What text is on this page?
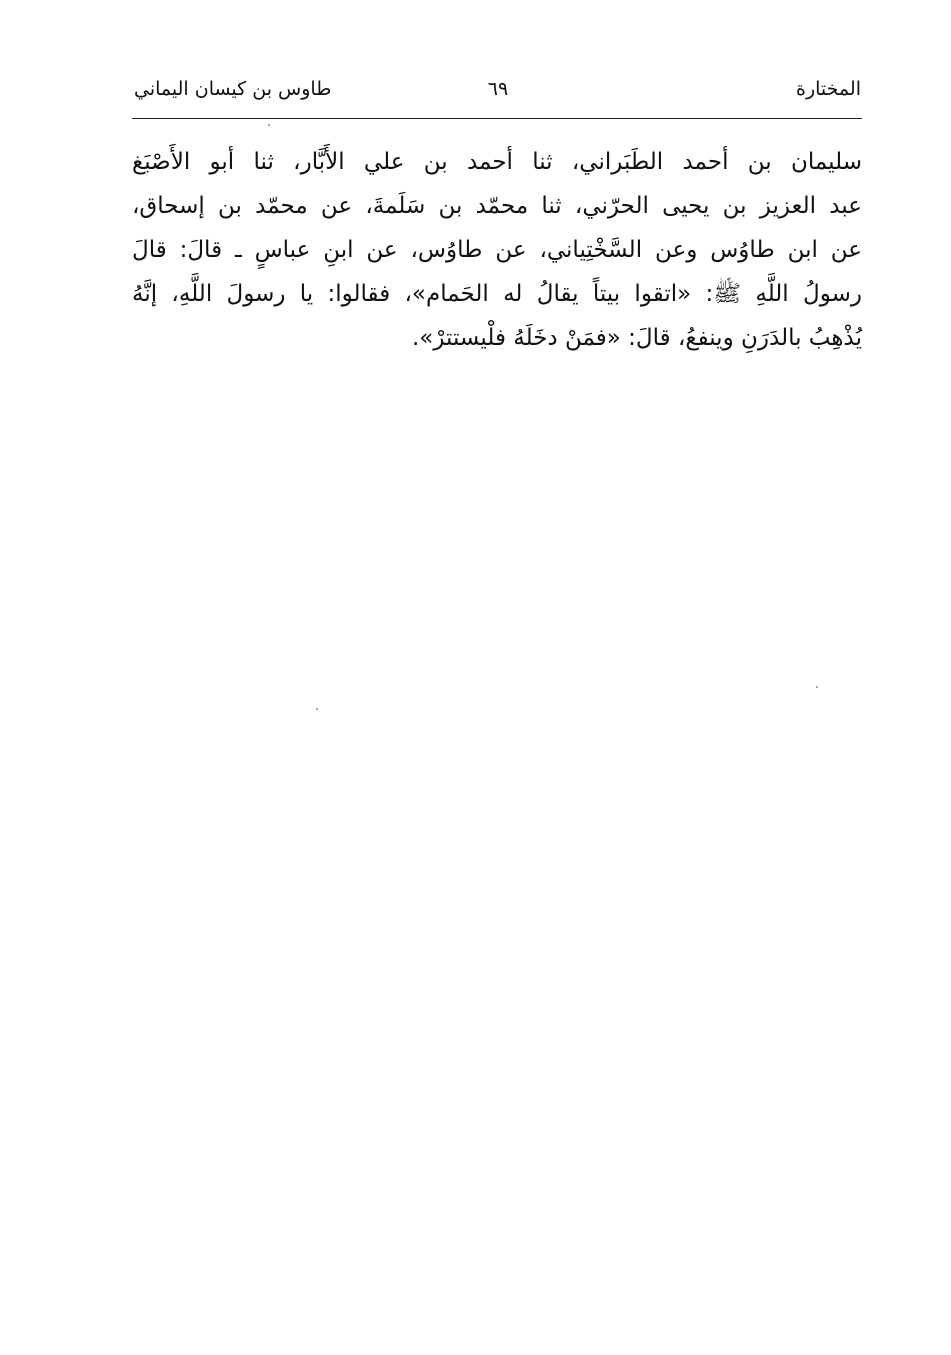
المختارة
٦٩
طاوس بن كيسان اليماني
سليمان بن أحمد الطَبَراني، ثنا أحمد بن علي الأَبَّار، ثنا أبو الأَصْبَغ
عبد العزيز بن يحيى الحرّني، ثنا محمّد بن سَلَمةَ، عن محمّد بن إسحاق،
عن ابن طاوُس وعن السَّخْتِياني، عن طاوُس، عن ابنِ عباسٍ ـ قالَ: قالَ
رسولُ اللَّهِ ﷺ: «اتقوا بيتاً يقالُ له الحَمام»، فقالوا: يا رسولَ اللَّهِ، إنَّهُ
يُذْهِبُ بالدَرَنِ وينفعُ، قالَ: «فمَنْ دخَلَهُ فلْيستترْ».
